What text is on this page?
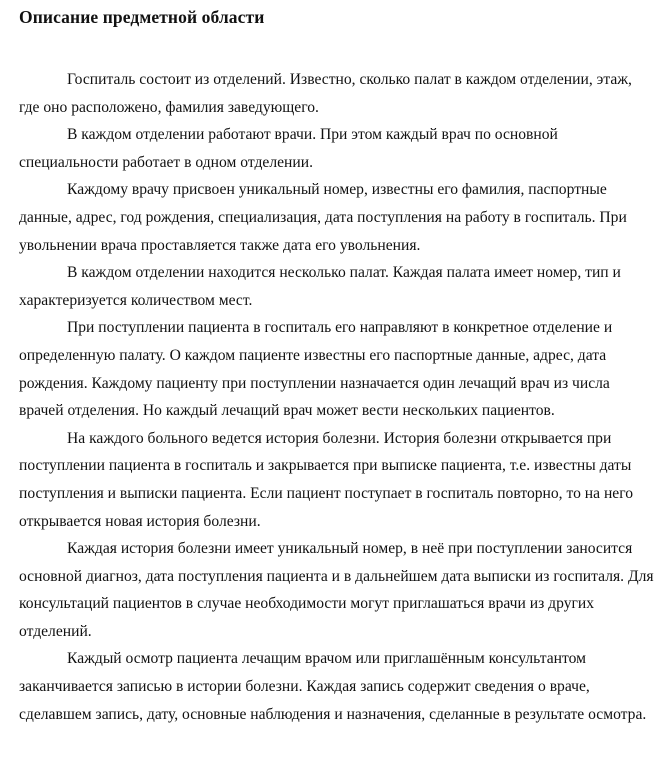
Описание предметной области

Госпиталь состоит из отделений. Известно, сколько палат в каждом отделении, этаж, где оно расположено, фамилия заведующего.

В каждом отделении работают врачи. При этом каждый врач по основной специальности работает в одном отделении.

Каждому врачу присвоен уникальный номер, известны его фамилия, паспортные данные, адрес, год рождения, специализация, дата поступления на работу в госпиталь. При увольнении врача проставляется также дата его увольнения.

В каждом отделении находится несколько палат. Каждая палата имеет номер, тип и характеризуется количеством мест.

При поступлении пациента в госпиталь его направляют в конкретное отделение и определенную палату. О каждом пациенте известны его паспортные данные, адрес, дата рождения. Каждому пациенту при поступлении назначается один лечащий врач из числа врачей отделения. Но каждый лечащий врач может вести нескольких пациентов.

На каждого больного ведется история болезни. История болезни открывается при поступлении пациента в госпиталь и закрывается при выписке пациента, т.е. известны даты поступления и выписки пациента. Если пациент поступает в госпиталь повторно, то на него открывается новая история болезни.

Каждая история болезни имеет уникальный номер, в неё при поступлении заносится основной диагноз, дата поступления пациента и в дальнейшем дата выписки из госпиталя. Для консультаций пациентов в случае необходимости могут приглашаться врачи из других отделений.

Каждый осмотр пациента лечащим врачом или приглашённым консультантом заканчивается записью в истории болезни. Каждая запись содержит сведения о враче, сделавшем запись, дату, основные наблюдения и назначения, сделанные в результате осмотра.
